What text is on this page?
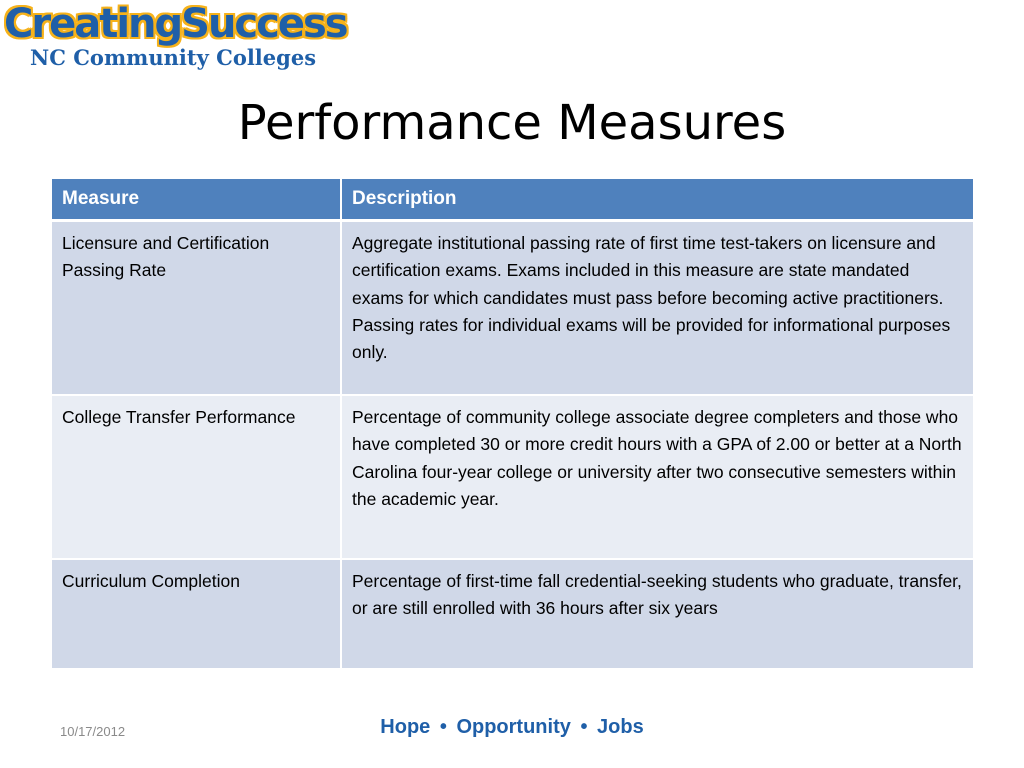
CreatingSuccess
NC Community Colleges
Performance Measures
Measure	Description
Licensure and Certification Passing Rate	Aggregate institutional passing rate of first time test-takers on licensure and certification exams. Exams included in this measure are state mandated exams for which candidates must pass before becoming active practitioners. Passing rates for individual exams will be provided for informational purposes only.
College Transfer Performance	Percentage of community college associate degree completers and those who have completed 30 or more credit hours with a GPA of 2.00 or better at a North Carolina four-year college or university after two consecutive semesters within the academic year.
Curriculum Completion	Percentage of first-time fall credential-seeking students who graduate, transfer, or are still enrolled with 36 hours after six years
10/17/2012	Hope • Opportunity • Jobs
